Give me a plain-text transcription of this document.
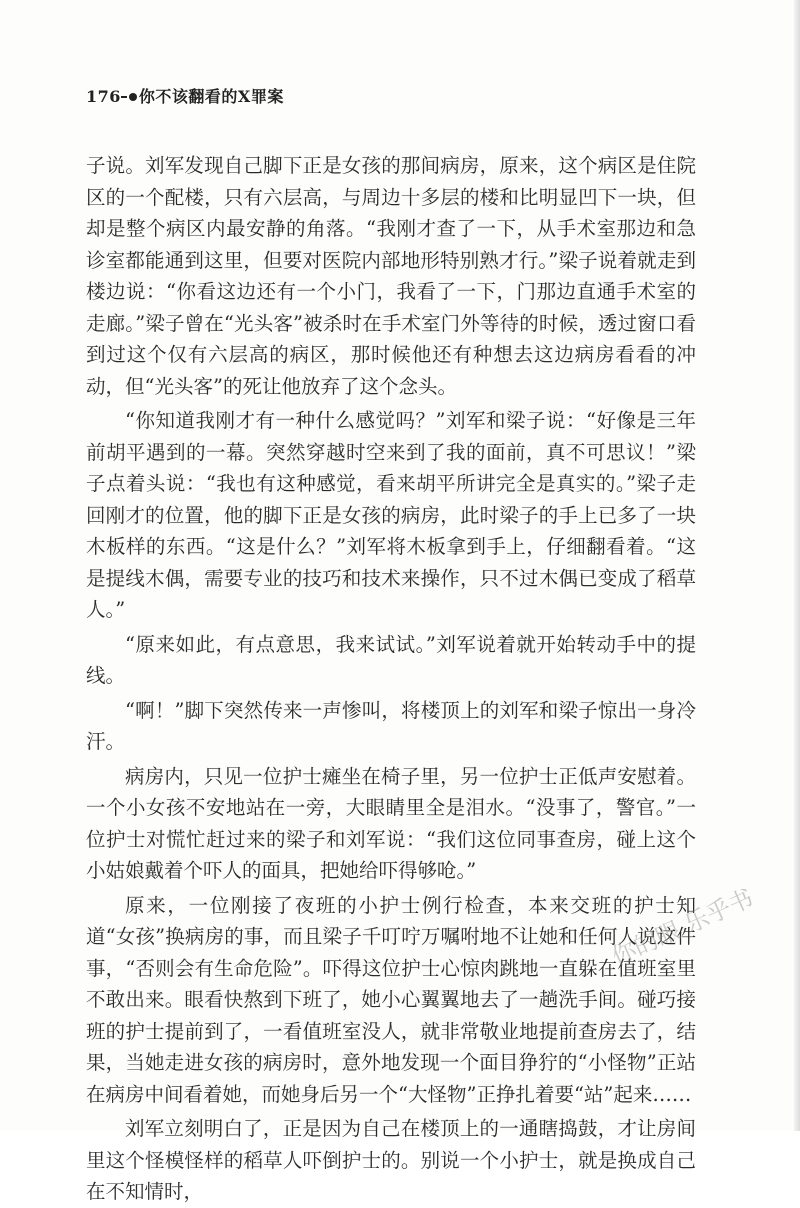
176 你不该翻看的X罪案

子说。刘军发现自己脚下正是女孩的那间病房，原来，这个病区是住院区的一个配楼，只有六层高，与周边十多层的楼和比明显凹下一块，但却是整个病区内最安静的角落。“我刚才查了一下，从手术室那边和急诊室都能通到这里，但要对医院内部地形特别熟才行。”梁子说着就走到楼边说：“你看这边还有一个小门，我看了一下，门那边直通手术室的走廊。”梁子曾在“光头客”被杀时在手术室门外等待的时候，透过窗口看到过这个仅有六层高的病区，那时候他还有种想去这边病房看看的冲动，但“光头客”的死让他放弃了这个念头。

“你知道我刚才有一种什么感觉吗？”刘军和梁子说：“好像是三年前胡平遇到的一幕。突然穿越时空来到了我的面前，真不可思议！”梁子点着头说：“我也有这种感觉，看来胡平所讲完全是真实的。”梁子走回刚才的位置，他的脚下正是女孩的病房，此时梁子的手上已多了一块木板样的东西。“这是什么？”刘军将木板拿到手上，仔细翻看着。“这是提线木偶，需要专业的技巧和技术来操作，只不过木偶已变成了稻草人。”

“原来如此，有点意思，我来试试。”刘军说着就开始转动手中的提线。

“啊！”脚下突然传来一声惨叫，将楼顶上的刘军和梁子惊出一身冷汗。

病房内，只见一位护士瘫坐在椅子里，另一位护士正低声安慰着。一个小女孩不安地站在一旁，大眼睛里全是泪水。“没事了，警官。”一位护士对慌忙赶过来的梁子和刘军说：“我们这位同事查房，碰上这个小姑娘戴着个吓人的面具，把她给吓得够呛。”

原来，一位刚接了夜班的小护士例行检查，本来交班的护士知道“女孩”换病房的事，而且梁子千叮咛万嘱咐地不让她和任何人说这件事，“否则会有生命危险”。吓得这位护士心惊肉跳地一直躲在值班室里不敢出来。眼看快熬到下班了，她小心翼翼地去了一趟洗手间。碰巧接班的护士提前到了，一看值班室没人，就非常敬业地提前查房去了，结果，当她走进女孩的病房时，意外地发现一个面目狰狞的“小怪物”正站在病房中间看着她，而她身后另一个“大怪物”正挣扎着要“站”起来……

刘军立刻明白了，正是因为自己在楼顶上的一通瞎捣鼓，才让房间里这个怪模怪样的稻草人吓倒护士的。别说一个小护士，就是换成自己在不知情时，

你的眼 乐乎书
